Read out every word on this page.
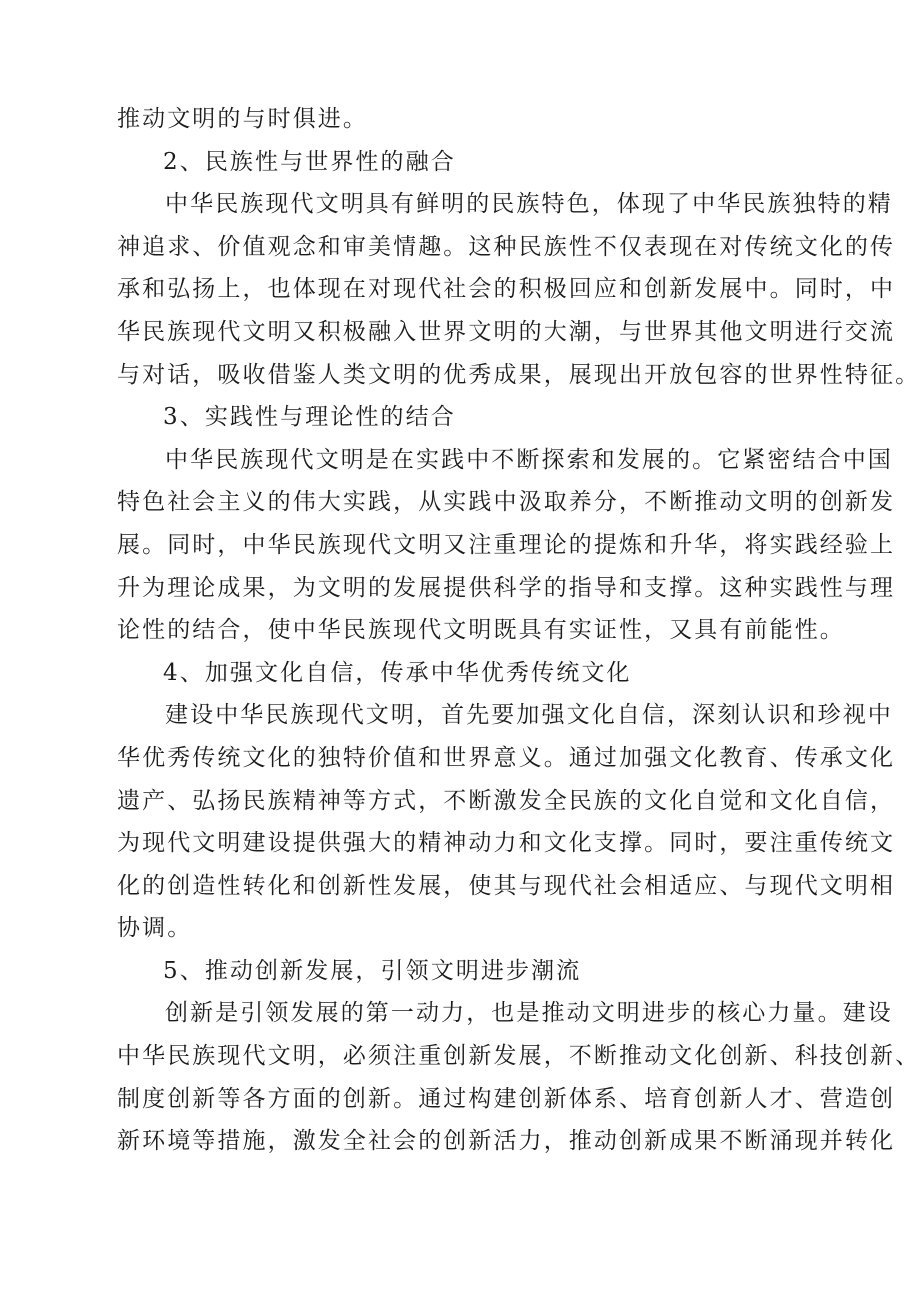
推动文明的与时俱进。
2、民族性与世界性的融合
中华民族现代文明具有鲜明的民族特色，体现了中华民族独特的精
神追求、价值观念和审美情趣。这种民族性不仅表现在对传统文化的传
承和弘扬上，也体现在对现代社会的积极回应和创新发展中。同时，中
华民族现代文明又积极融入世界文明的大潮，与世界其他文明进行交流
与对话，吸收借鉴人类文明的优秀成果，展现出开放包容的世界性特征。
3、实践性与理论性的结合
中华民族现代文明是在实践中不断探索和发展的。它紧密结合中国
特色社会主义的伟大实践，从实践中汲取养分，不断推动文明的创新发
展。同时，中华民族现代文明又注重理论的提炼和升华，将实践经验上
升为理论成果，为文明的发展提供科学的指导和支撑。这种实践性与理
论性的结合，使中华民族现代文明既具有实证性，又具有前能性。
4、加强文化自信，传承中华优秀传统文化
建设中华民族现代文明，首先要加强文化自信，深刻认识和珍视中
华优秀传统文化的独特价值和世界意义。通过加强文化教育、传承文化
遗产、弘扬民族精神等方式，不断激发全民族的文化自觉和文化自信，
为现代文明建设提供强大的精神动力和文化支撑。同时，要注重传统文
化的创造性转化和创新性发展，使其与现代社会相适应、与现代文明相
协调。
5、推动创新发展，引领文明进步潮流
创新是引领发展的第一动力，也是推动文明进步的核心力量。建设
中华民族现代文明，必须注重创新发展，不断推动文化创新、科技创新、
制度创新等各方面的创新。通过构建创新体系、培育创新人才、营造创
新环境等措施，激发全社会的创新活力，推动创新成果不断涌现并转化
